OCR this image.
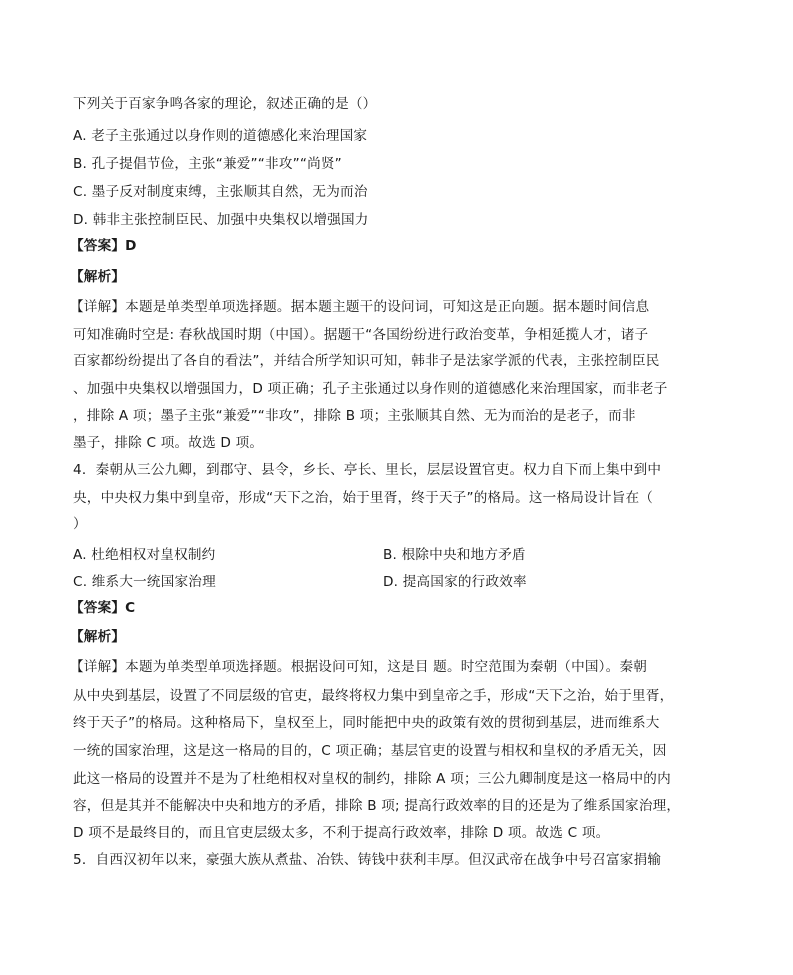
下列关于百家争鸣各家的理论，叙述正确的是（）
A. 老子主张通过以身作则的道德感化来治理国家
B. 孔子提倡节俭，主张“兼爱”“非攻”“尚贤”
C. 墨子反对制度束缚，主张顺其自然，无为而治
D. 韩非主张控制臣民、加强中央集权以增强国力
【答案】D
【解析】
【详解】本题是单类型单项选择题。据本题主题干的设问词，可知这是正向题。据本题时间信息
可知准确时空是: 春秋战国时期（中国）。据题干“各国纷纷进行政治变革，争相延揽人才，诸子
百家都纷纷提出了各自的看法”，并结合所学知识可知，韩非子是法家学派的代表，主张控制臣民
、加强中央集权以增强国力，D 项正确；孔子主张通过以身作则的道德感化来治理国家，而非老子
，排除 A 项；墨子主张“兼爱”“非攻”，排除 B 项；主张顺其自然、无为而治的是老子，而非
墨子，排除 C 项。故选 D 项。
4．秦朝从三公九卿，到郡守、县令，乡长、亭长、里长，层层设置官吏。权力自下而上集中到中
央，中央权力集中到皇帝，形成“天下之治，始于里胥，终于天子”的格局。这一格局设计旨在（
）
A. 杜绝相权对皇权制约	B. 根除中央和地方矛盾
C. 维系大一统国家治理	D. 提高国家的行政效率
【答案】C
【解析】
【详解】本题为单类型单项选择题。根据设问可知，这是目 题。时空范围为秦朝（中国）。秦朝
从中央到基层，设置了不同层级的官吏，最终将权力集中到皇帝之手，形成“天下之治，始于里胥，
终于天子”的格局。这种格局下，皇权至上，同时能把中央的政策有效的贯彻到基层，进而维系大
一统的国家治理，这是这一格局的目的，C 项正确；基层官吏的设置与相权和皇权的矛盾无关，因
此这一格局的设置并不是为了杜绝相权对皇权的制约，排除 A 项；三公九卿制度是这一格局中的内
容，但是其并不能解决中央和地方的矛盾，排除 B 项; 提高行政效率的目的还是为了维系国家治理，
D 项不是最终目的，而且官吏层级太多，不利于提高行政效率，排除 D 项。故选 C 项。
5．自西汉初年以来，豪强大族从煮盐、冶铁、铸钱中获利丰厚。但汉武帝在战争中号召富家捐输
